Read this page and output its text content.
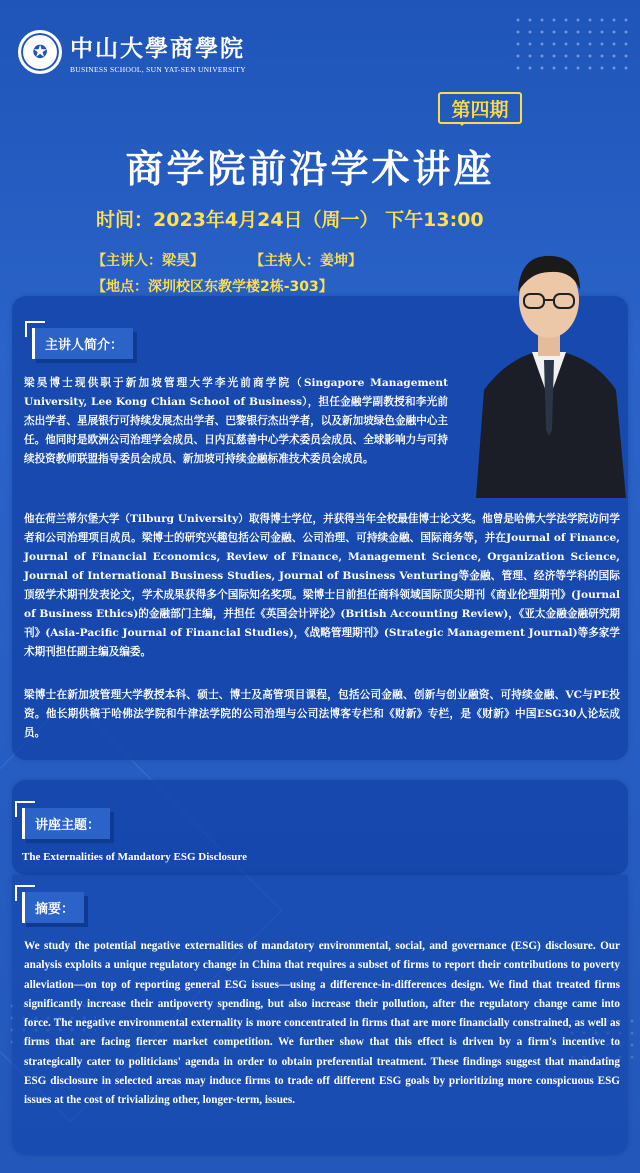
✪ 中山大學商學院
BUSINESS SCHOOL, SUN YAT-SEN UNIVERSITY
第四期
商学院前沿学术讲座
时间：2023年4月24日（周一） 下午13:00
【主讲人：梁昊】	【主持人：姜坤】
【地点：深圳校区东教学楼2栋-303】
主讲人简介：
梁昊博士现供职于新加坡管理大学李光前商学院（Singapore Management University, Lee Kong Chian School of Business），担任金融学副教授和李光前杰出学者、星展银行可持续发展杰出学者、巴黎银行杰出学者，以及新加坡绿色金融中心主任。他同时是欧洲公司治理学会成员、日内瓦慈善中心学术委员会成员、全球影响力与可持续投资教师联盟指导委员会成员、新加坡可持续金融标准技术委员会成员。
他在荷兰蒂尔堡大学（Tilburg University）取得博士学位，并获得当年全校最佳博士论文奖。他曾是哈佛大学法学院访问学者和公司治理项目成员。梁博士的研究兴趣包括公司金融、公司治理、可持续金融、国际商务等，并在Journal of Finance, Journal of Financial Economics, Review of Finance, Management Science, Organization Science, Journal of International Business Studies, Journal of Business Venturing等金融、管理、经济等学科的国际顶级学术期刊发表论文，学术成果获得多个国际知名奖项。梁博士目前担任商科领域国际顶尖期刊《商业伦理期刊》(Journal of Business Ethics)的金融部门主编，并担任《英国会计评论》(British Accounting Review)，《亚太金融金融研究期刊》(Asia-Pacific Journal of Financial Studies)，《战略管理期刊》(Strategic Management Journal)等多家学术期刊担任副主编及编委。
梁博士在新加坡管理大学教授本科、硕士、博士及高管项目课程，包括公司金融、创新与创业融资、可持续金融、VC与PE投资。他长期供稿于哈佛法学院和牛津法学院的公司治理与公司法博客专栏和《财新》专栏，是《财新》中国ESG30人论坛成员。
讲座主题：
The Externalities of Mandatory ESG Disclosure
摘要：
We study the potential negative externalities of mandatory environmental, social, and governance (ESG) disclosure. Our analysis exploits a unique regulatory change in China that requires a subset of firms to report their contributions to poverty alleviation—on top of reporting general ESG issues—using a difference-in-differences design. We find that treated firms significantly increase their antipoverty spending, but also increase their pollution, after the regulatory change came into force. The negative environmental externality is more concentrated in firms that are more financially constrained, as well as firms that are facing fiercer market competition. We further show that this effect is driven by a firm's incentive to strategically cater to politicians' agenda in order to obtain preferential treatment. These findings suggest that mandating ESG disclosure in selected areas may induce firms to trade off different ESG goals by prioritizing more conspicuous ESG issues at the cost of trivializing other, longer-term, issues.
